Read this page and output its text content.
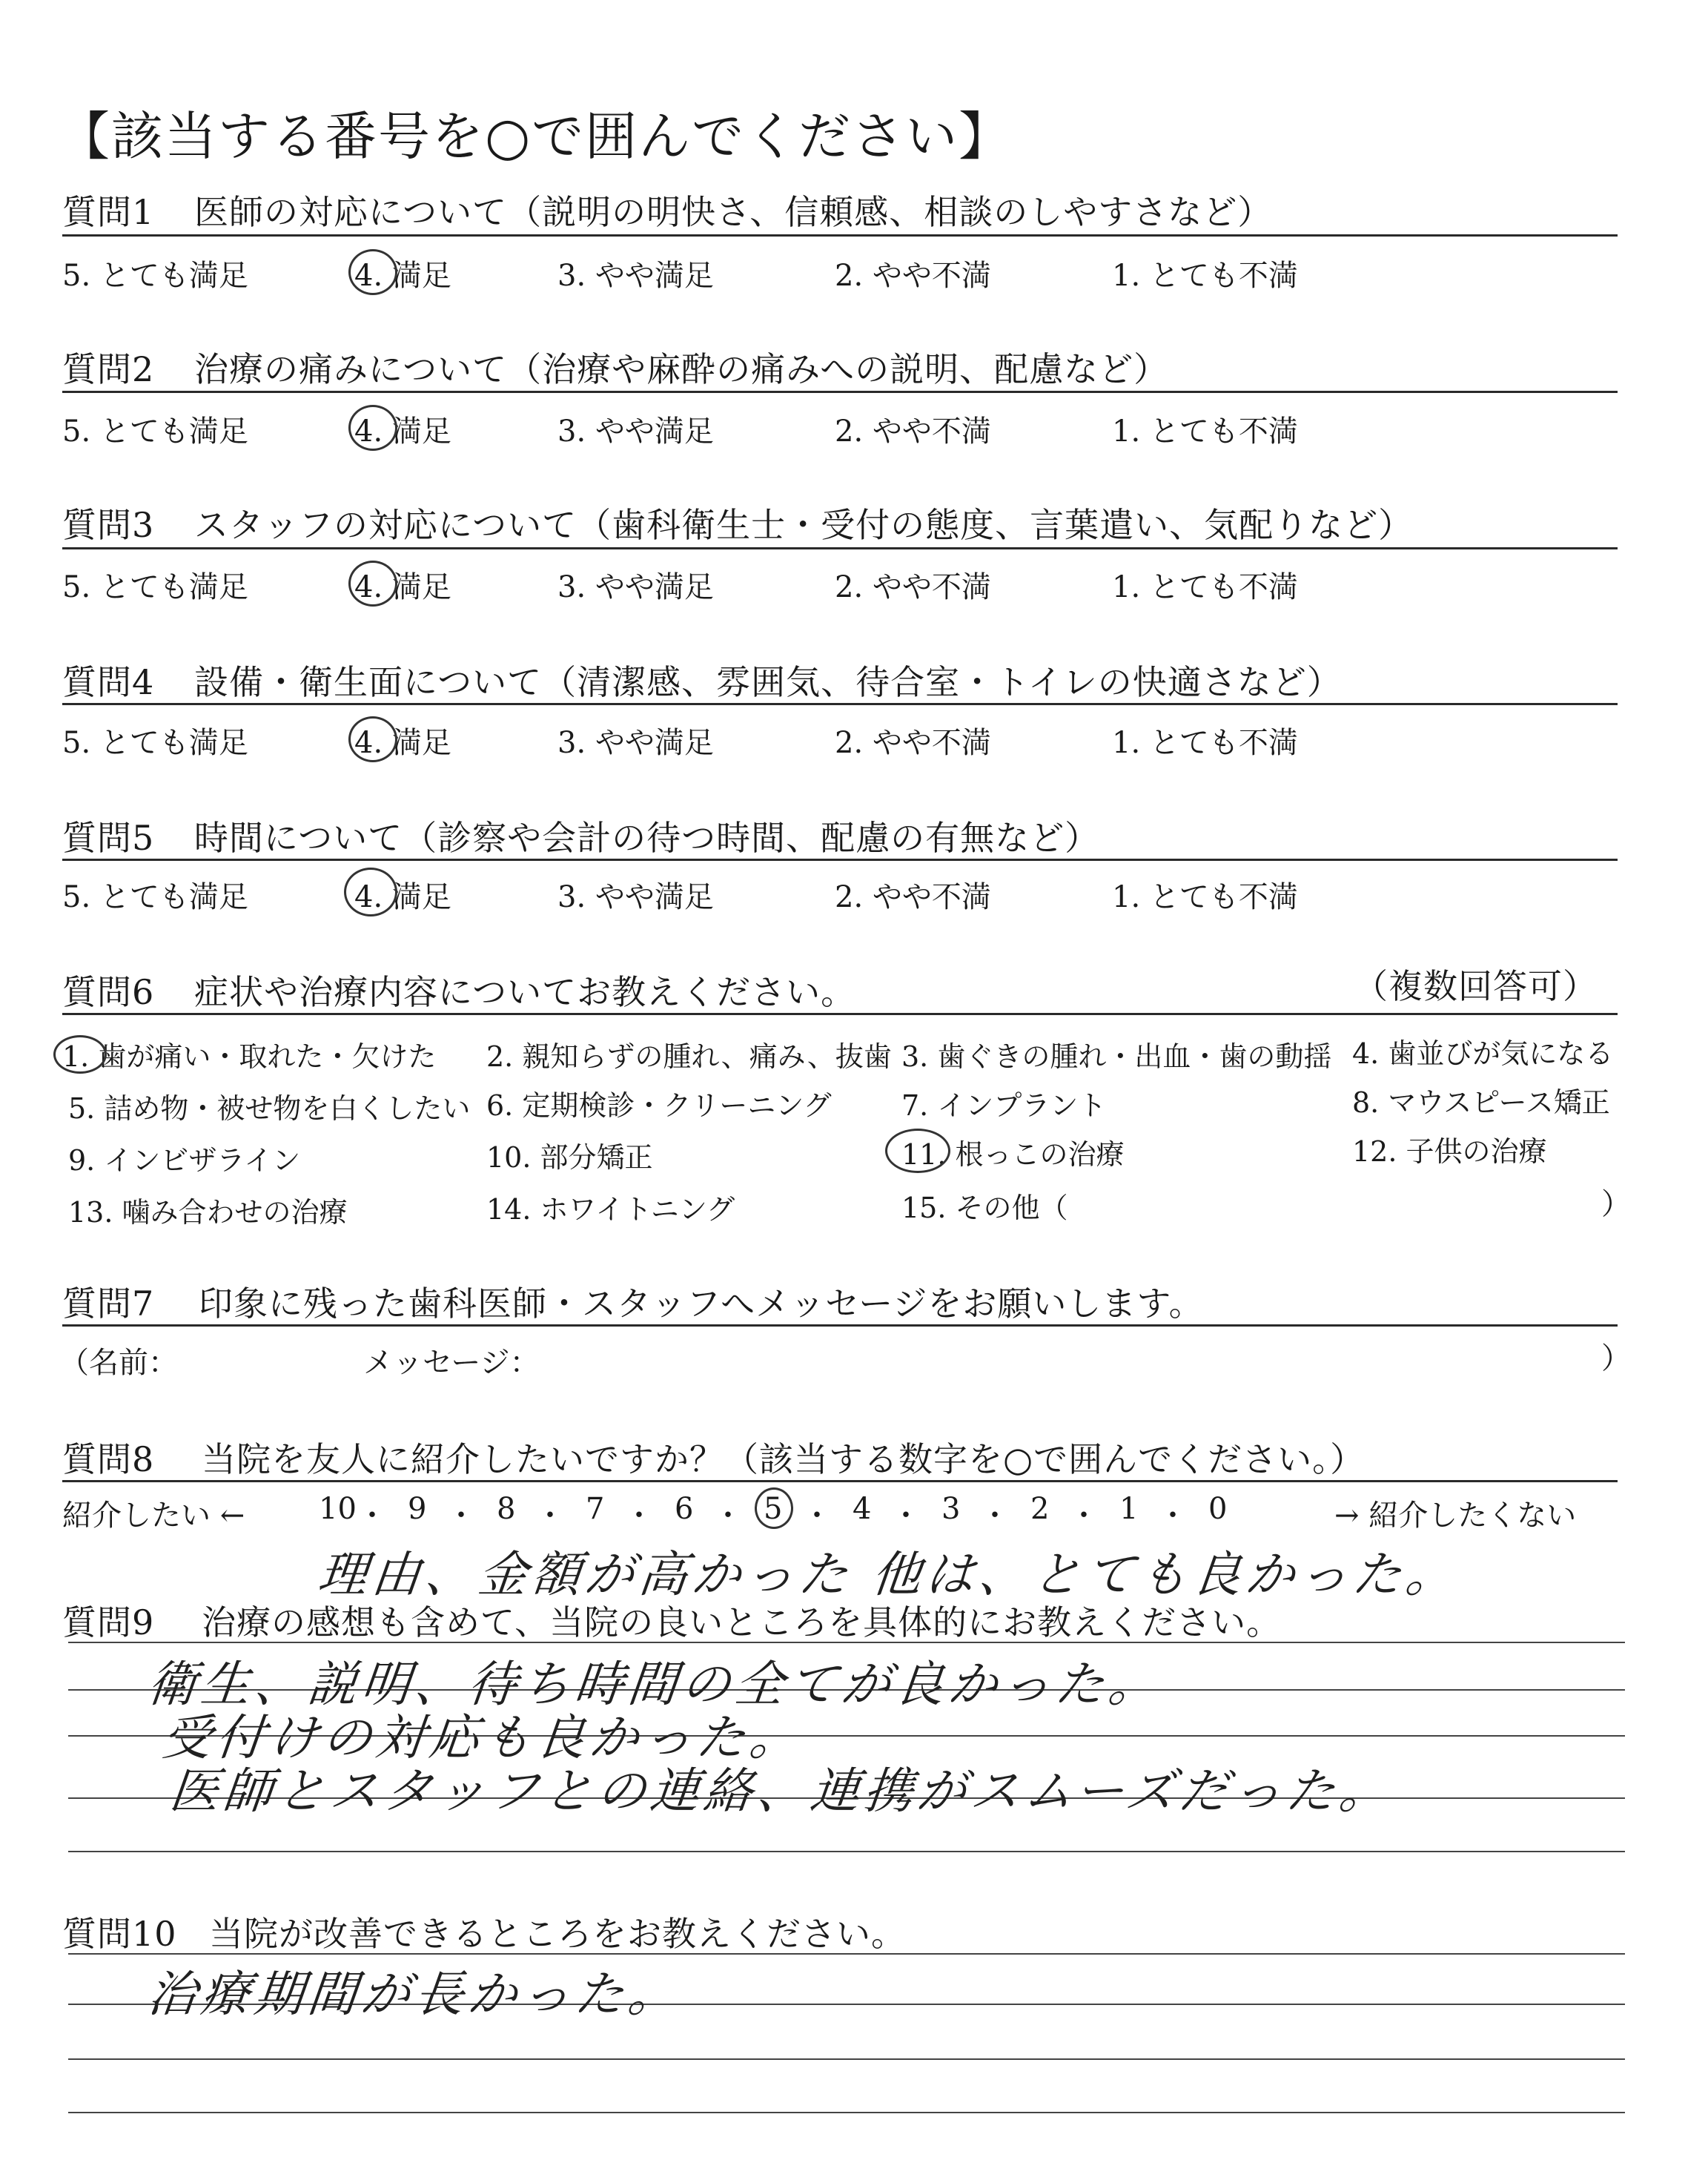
【該当する番号を○で囲んでください】
質問1 医師の対応について（説明の明快さ、信頼感、相談のしやすさなど）
5. とても満足	4. 満足	3. やや満足	2. やや不満	1. とても不満
質問2 治療の痛みについて（治療や麻酔の痛みへの説明、配慮など）
5. とても満足	4. 満足	3. やや満足	2. やや不満	1. とても不満
質問3 スタッフの対応について（歯科衛生士・受付の態度、言葉遣い、気配りなど）
5. とても満足	4. 満足	3. やや満足	2. やや不満	1. とても不満
質問4 設備・衛生面について（清潔感、雰囲気、待合室・トイレの快適さなど）
5. とても満足	4. 満足	3. やや満足	2. やや不満	1. とても不満
質問5 時間について（診察や会計の待つ時間、配慮の有無など）
5. とても満足	4. 満足	3. やや満足	2. やや不満	1. とても不満
質問6 症状や治療内容についてお教えください。	（複数回答可）
1. 歯が痛い・取れた・欠けた 2. 親知らずの腫れ、痛み、抜歯 3. 歯ぐきの腫れ・出血・歯の動揺 4. 歯並びが気になる
5. 詰め物・被せ物を白くしたい 6. 定期検診・クリーニング 7. インプラント	8. マウスピース矯正
9. インビザライン	10. 部分矯正	11. 根っこの治療	12. 子供の治療
13. 噛み合わせの治療	14. ホワイトニング	15. その他（	）
質問7 印象に残った歯科医師・スタッフへメッセージをお願いします。
（名前：	メッセージ：	）
質問8 当院を友人に紹介したいですか？（該当する数字を○で囲んでください。）
紹介したい ← 10 ・ 9 ・ 8 ・ 7 ・ 6 ・ 5 ・ 4 ・ 3 ・ 2 ・ 1 ・ 0	→ 紹介したくない
理由、金額が高かった 他は、とても良かった。
質問9 治療の感想も含めて、当院の良いところを具体的にお教えください。
衛生、説明、待ち時間の全てが良かった。
受付けの対応も良かった。
医師とスタッフとの連絡、連携がスムーズだった。
質問10 当院が改善できるところをお教えください。
治療期間が長かった。
